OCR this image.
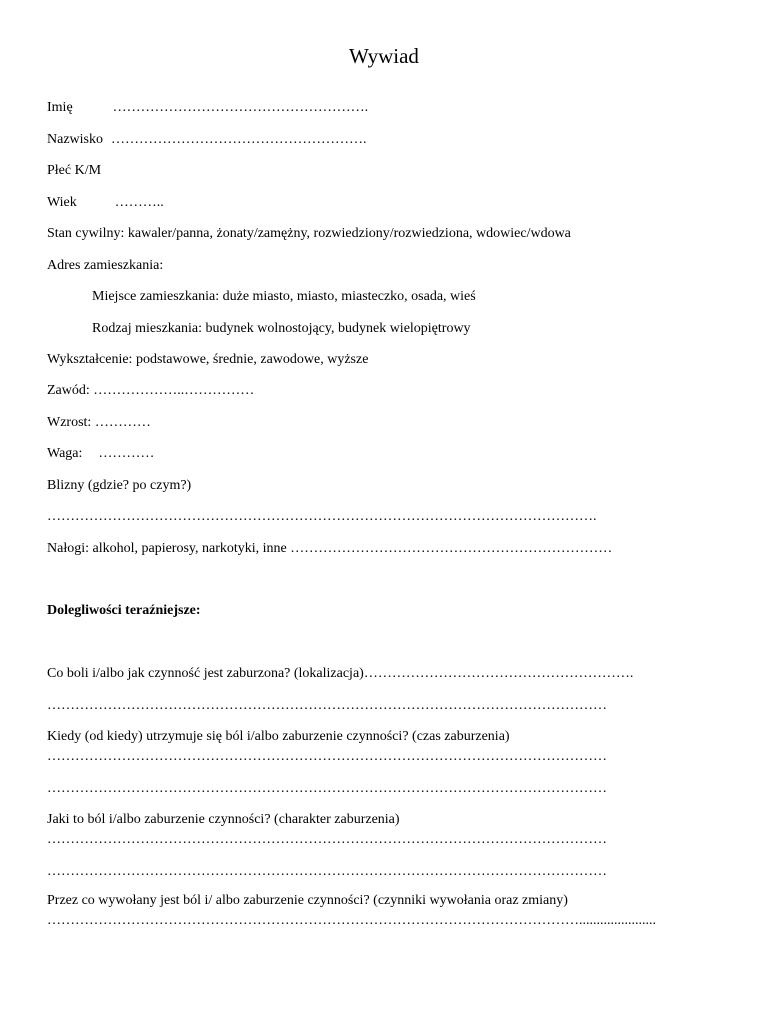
Wywiad
Imię	……………………………………………….
Nazwisko ……………………………………………….
Płeć K/M
Wiek	………..
Stan cywilny: kawaler/panna, żonaty/zamężny, rozwiedziony/rozwiedziona, wdowiec/wdowa
Adres zamieszkania:
Miejsce zamieszkania: duże miasto, miasto, miasteczko, osada, wieś
Rodzaj mieszkania: budynek wolnostojący, budynek wielopiętrowy
Wykształcenie: podstawowe, średnie, zawodowe, wyższe
Zawód: ………………..……………
Wzrost: …………
Waga: …………
Blizny (gdzie? po czym?)
……………………………………………………………………………………………………….
Nałogi: alkohol, papierosy, narkotyki, inne ……………………………………………………………
Dolegliwości teraźniejsze:
Co boli i/albo jak czynność jest zaburzona? (lokalizacja)………………………………………………….
…………………………………………………………………………………………………………
Kiedy (od kiedy) utrzymuje się ból i/albo zaburzenie czynności? (czas zaburzenia)
…………………………………………………………………………………………………………
…………………………………………………………………………………………………………
Jaki to ból i/albo zaburzenie czynności? (charakter zaburzenia)
…………………………………………………………………………………………………………
…………………………………………………………………………………………………………
Przez co wywołany jest ból i/ albo zaburzenie czynności? (czynniki wywołania oraz zmiany)
……………………………………………………………………………………………………......................
